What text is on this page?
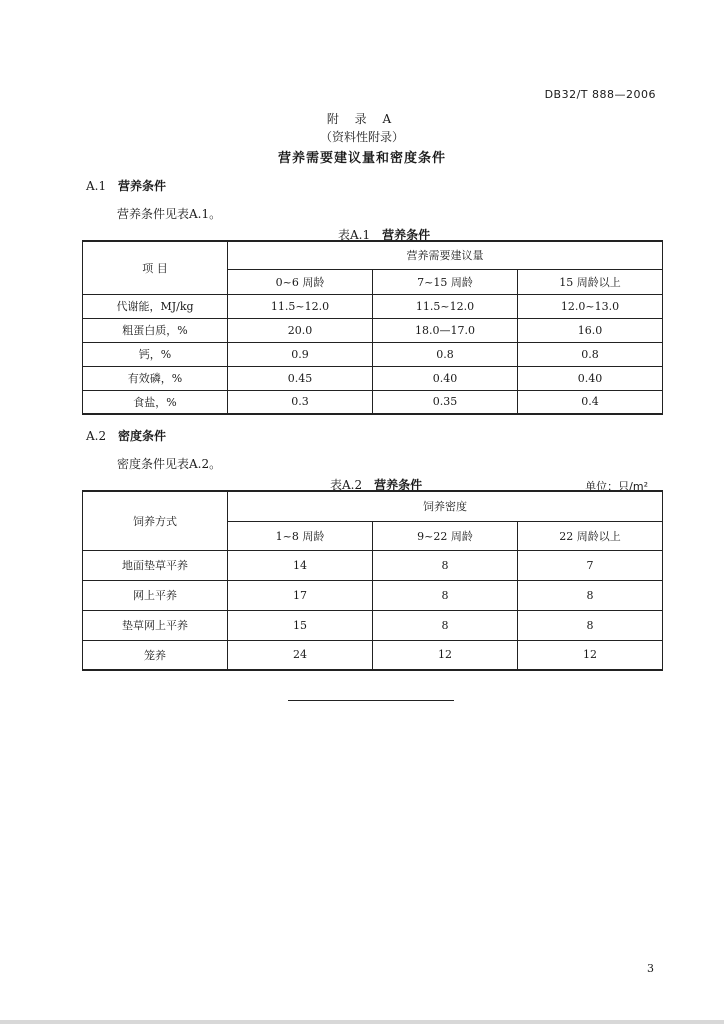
DB32/T 888—2006
附 录 A
（资料性附录）
营养需要建议量和密度条件
A.1 营养条件
营养条件见表A.1。
表A.1 营养条件
项 目	营养需要建议量		
	0~6 周龄	7~15 周龄	15 周龄以上
代谢能，MJ/kg	11.5~12.0	11.5~12.0	12.0~13.0
粗蛋白质，%	20.0	18.0—17.0	16.0
钙，%	0.9	0.8	0.8
有效磷，%	0.45	0.40	0.40
食盐，%	0.3	0.35	0.4
A.2 密度条件
密度条件见表A.2。
表A.2 营养条件	单位：只/m²
饲养方式	饲养密度		
	1~8 周龄	9~22 周龄	22 周龄以上
地面垫草平养	14	8	7
网上平养	17	8	8
垫草网上平养	15	8	8
笼养	24	12	12
3
